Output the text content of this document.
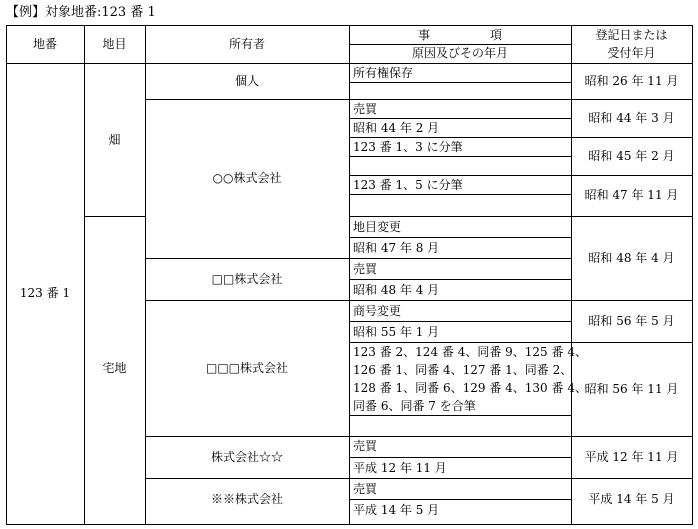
【例】対象地番:123 番 1
地番	地目	所有者
事　　　　　項
原因及びその年月
登記日または
受付年月
123 番 1
畑
宅地
個人
○○株式会社
□□株式会社
□□□株式会社
株式会社☆☆
※※株式会社
所有権保存
売買
昭和 44 年 2 月
123 番 1、3 に分筆
123 番 1、5 に分筆
地目変更
昭和 47 年 8 月
売買
昭和 48 年 4 月
商号変更
昭和 55 年 1 月
123 番 2、124 番 4、同番 9、125 番 4、
126 番 1、同番 4、127 番 1、同番 2、
128 番 1、同番 6、129 番 4、130 番 4、
同番 6、同番 7 を合筆
売買
平成 12 年 11 月
売買
平成 14 年 5 月
昭和 26 年 11 月
昭和 44 年 3 月
昭和 45 年 2 月
昭和 47 年 11 月
昭和 48 年 4 月
昭和 56 年 5 月
昭和 56 年 11 月
平成 12 年 11 月
平成 14 年 5 月
